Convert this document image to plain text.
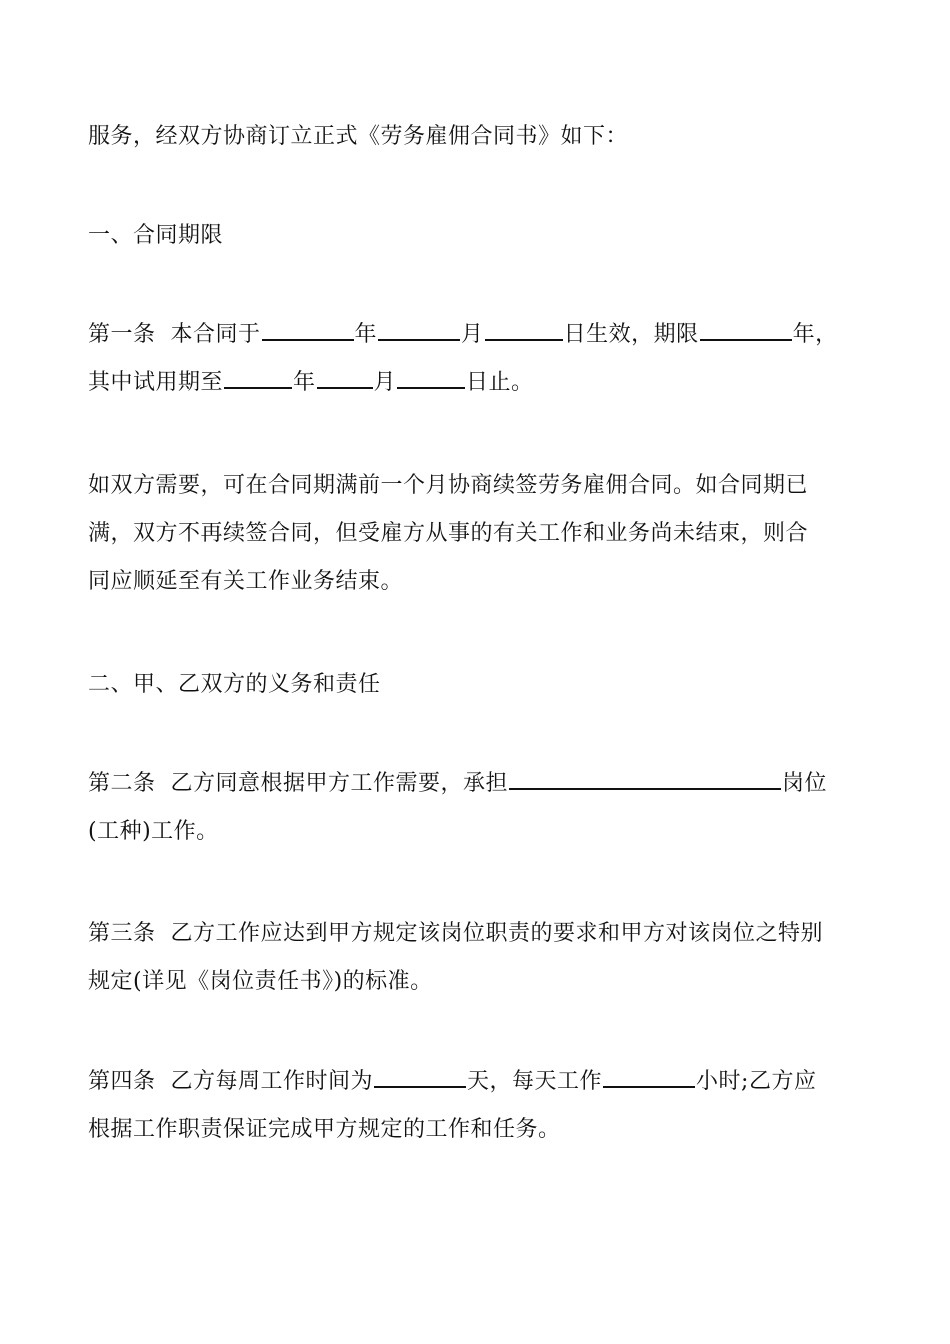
服务，经双方协商订立正式《劳务雇佣合同书》如下：

一、合同期限

第一条 本合同于	年	月	日生效，期限	年，
其中试用期至	年	月	日止。

如双方需要，可在合同期满前一个月协商续签劳务雇佣合同。如合同期已
满，双方不再续签合同，但受雇方从事的有关工作和业务尚未结束，则合
同应顺延至有关工作业务结束。

二、甲、乙双方的义务和责任

第二条 乙方同意根据甲方工作需要，承担	岗位
(工种)工作。

第三条 乙方工作应达到甲方规定该岗位职责的要求和甲方对该岗位之特别
规定(详见《岗位责任书》)的标准。

第四条 乙方每周工作时间为	天，每天工作	小时;乙方应
根据工作职责保证完成甲方规定的工作和任务。
